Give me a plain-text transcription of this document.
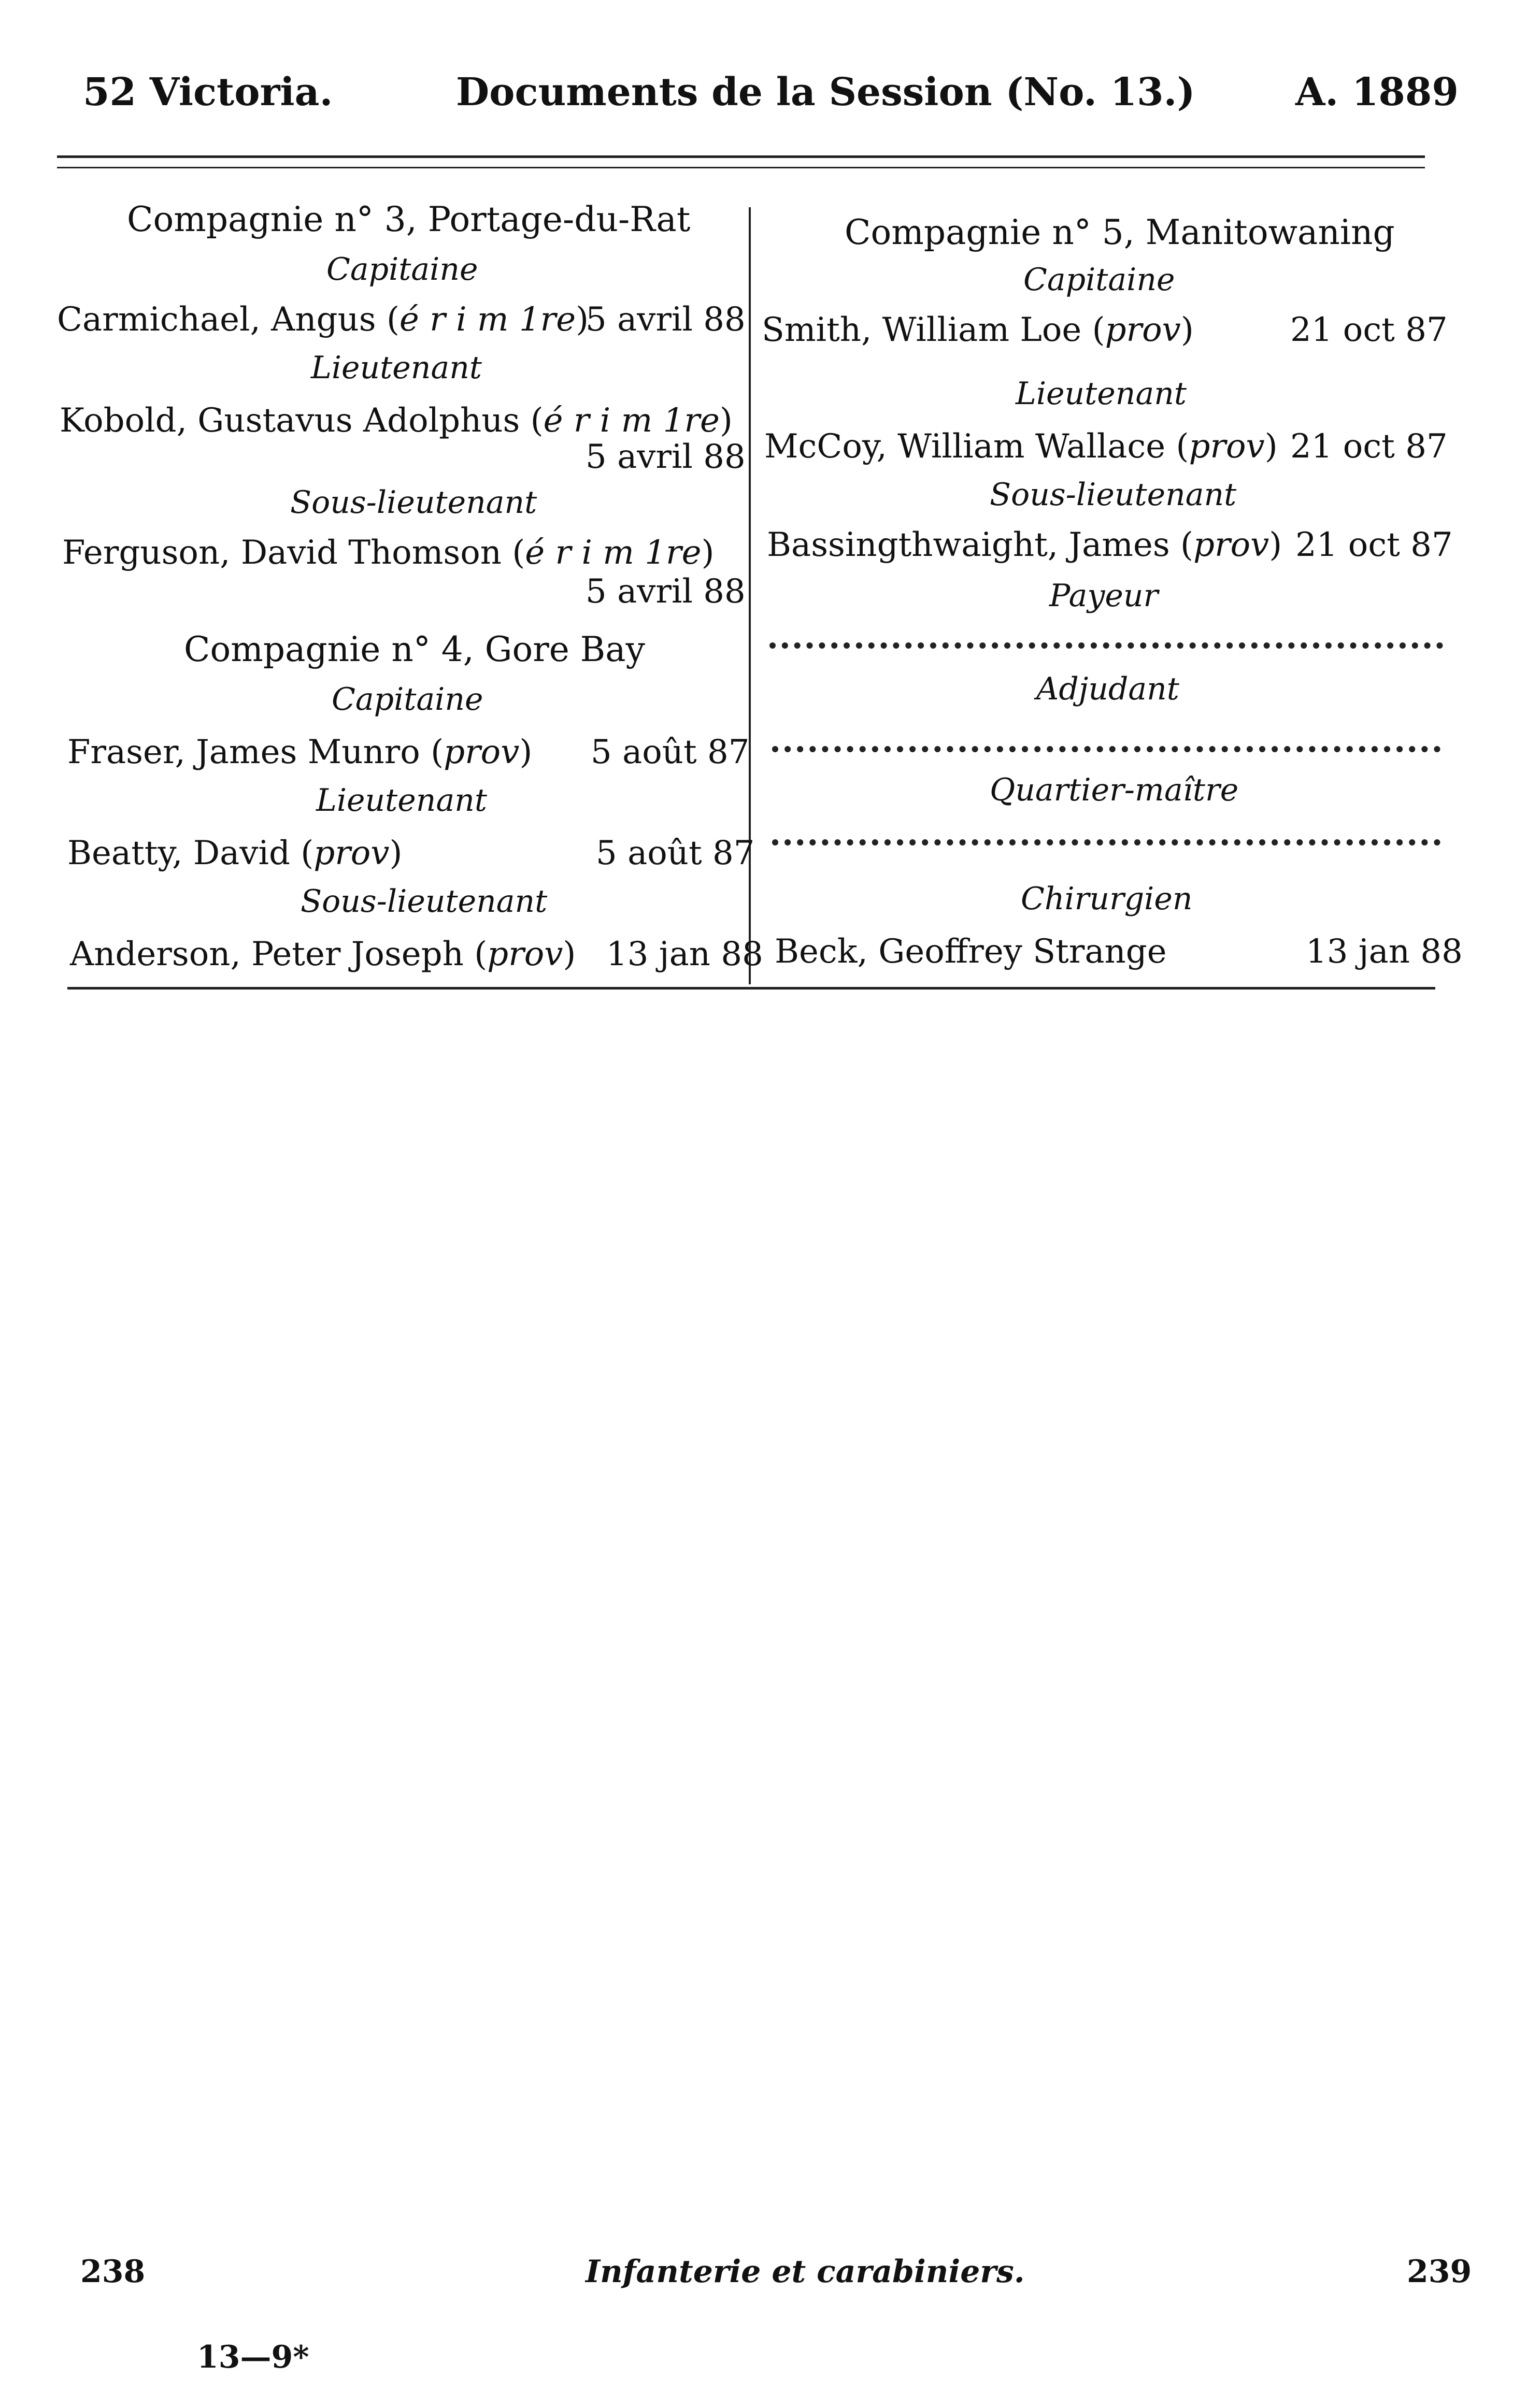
52 Victoria.	Documents de la Session (No. 13.)	A. 1889
Compagnie n° 3, Portage-du-Rat
Capitaine
Carmichael, Angus (é r i m 1re)
5 avril 88
Lieutenant
Kobold, Gustavus Adolphus (é r i m 1re)
5 avril 88
Sous-lieutenant
Ferguson, David Thomson (é r i m 1re)
5 avril 88
Compagnie n° 4, Gore Bay
Capitaine
Fraser, James Munro (prov) 5 août 87
Lieutenant
Beatty, David (prov)	5 août 87
Sous-lieutenant
Anderson, Peter Joseph (prov) 13 jan 88
Compagnie n° 5, Manitowaning
Capitaine
Smith, William Loe (prov)	21 oct 87
Lieutenant
McCoy, William Wallace (prov) 21 oct 87
Sous-lieutenant
Bassingthwaight, James (prov) 21 oct 87
Payeur
Adjudant
Quartier-maître
Chirurgien
Beck, Geoffrey Strange	13 jan 88
238	Infanterie et carabiniers.	239
13—9*
